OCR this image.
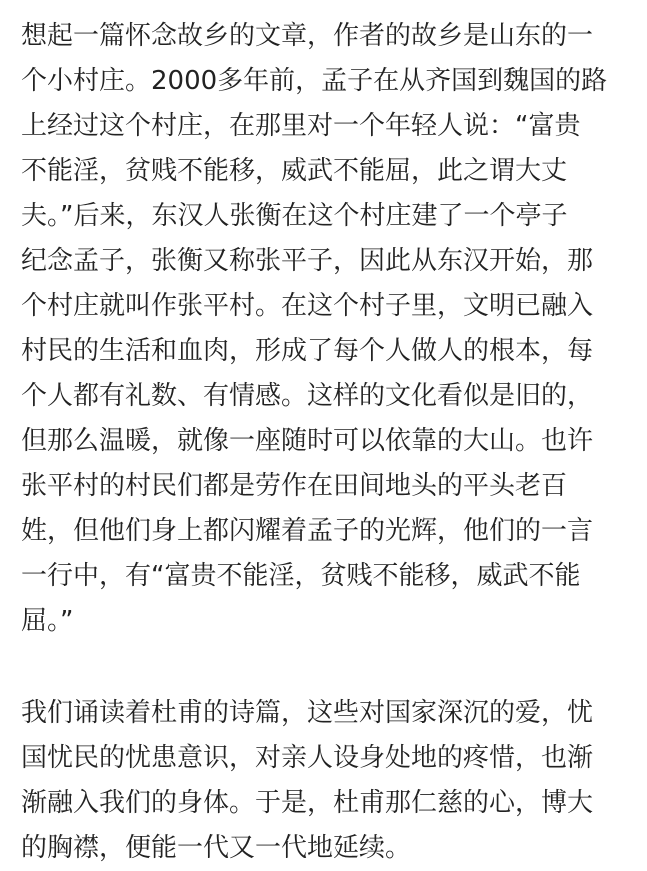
想起一篇怀念故乡的文章，作者的故乡是山东的一
个小村庄。2000多年前，孟子在从齐国到魏国的路
上经过这个村庄，在那里对一个年轻人说：“富贵
不能淫，贫贱不能移，威武不能屈，此之谓大丈
夫。”后来，东汉人张衡在这个村庄建了一个亭子
纪念孟子，张衡又称张平子，因此从东汉开始，那
个村庄就叫作张平村。在这个村子里，文明已融入
村民的生活和血肉，形成了每个人做人的根本，每
个人都有礼数、有情感。这样的文化看似是旧的，
但那么温暖，就像一座随时可以依靠的大山。也许
张平村的村民们都是劳作在田间地头的平头老百
姓，但他们身上都闪耀着孟子的光辉，他们的一言
一行中，有“富贵不能淫，贫贱不能移，威武不能
屈。”
我们诵读着杜甫的诗篇，这些对国家深沉的爱，忧
国忧民的忧患意识，对亲人设身处地的疼惜，也渐
渐融入我们的身体。于是，杜甫那仁慈的心，博大
的胸襟，便能一代又一代地延续。
